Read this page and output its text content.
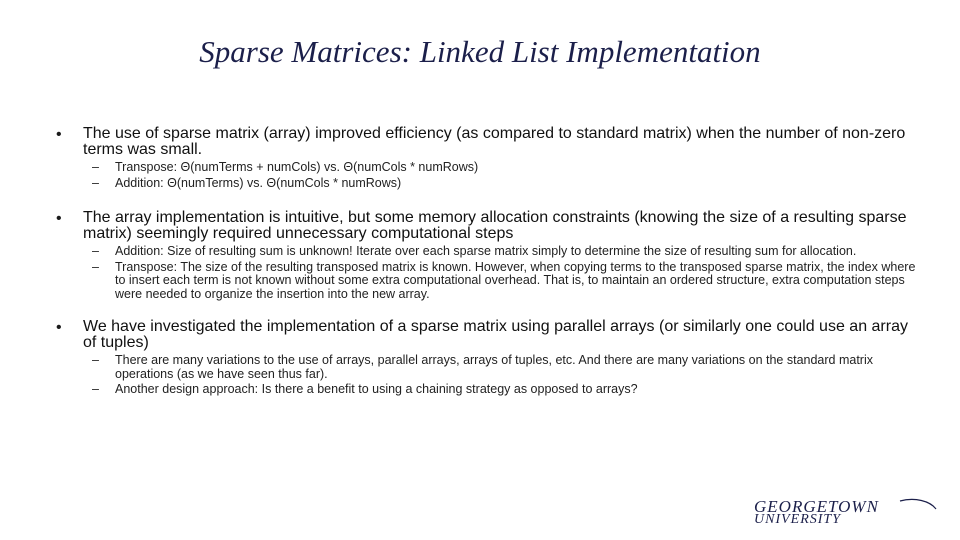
Sparse Matrices: Linked List Implementation
• The use of sparse matrix (array) improved efficiency (as compared to standard matrix) when the number of non-zero terms was small.
– Transpose: Θ(numTerms + numCols) vs. Θ(numCols * numRows)
– Addition: Θ(numTerms) vs. Θ(numCols * numRows)
• The array implementation is intuitive, but some memory allocation constraints (knowing the size of a resulting sparse matrix) seemingly required unnecessary computational steps
– Addition: Size of resulting sum is unknown! Iterate over each sparse matrix simply to determine the size of resulting sum for allocation.
– Transpose: The size of the resulting transposed matrix is known. However, when copying terms to the transposed sparse matrix, the index where to insert each term is not known without some extra computational overhead. That is, to maintain an ordered structure, extra computation steps were needed to organize the insertion into the new array.
• We have investigated the implementation of a sparse matrix using parallel arrays (or similarly one could use an array of tuples)
– There are many variations to the use of arrays, parallel arrays, arrays of tuples, etc. And there are many variations on the standard matrix operations (as we have seen thus far).
– Another design approach: Is there a benefit to using a chaining strategy as opposed to arrays?
GEORGETOWN
UNIVERSITY
